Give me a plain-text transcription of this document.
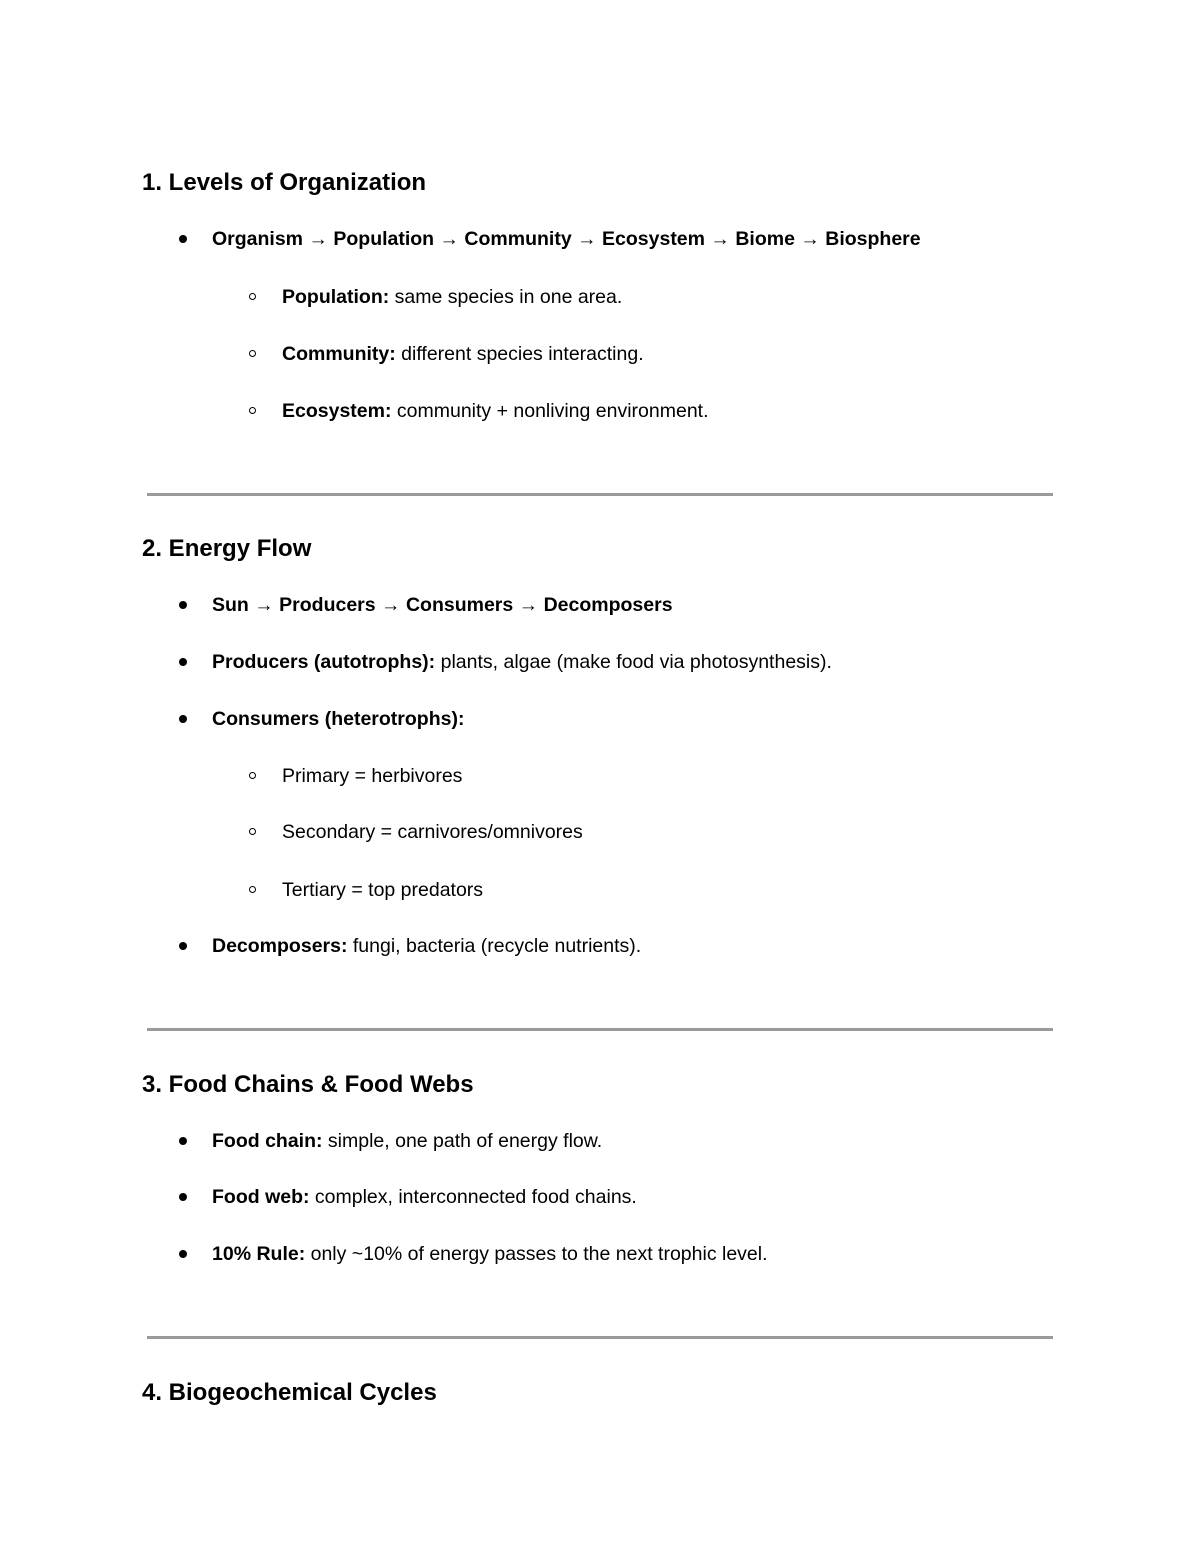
1. Levels of Organization
Organism → Population → Community → Ecosystem → Biome → Biosphere
Population: same species in one area.
Community: different species interacting.
Ecosystem: community + nonliving environment.
2. Energy Flow
Sun → Producers → Consumers → Decomposers
Producers (autotrophs): plants, algae (make food via photosynthesis).
Consumers (heterotrophs):
Primary = herbivores
Secondary = carnivores/omnivores
Tertiary = top predators
Decomposers: fungi, bacteria (recycle nutrients).
3. Food Chains & Food Webs
Food chain: simple, one path of energy flow.
Food web: complex, interconnected food chains.
10% Rule: only ~10% of energy passes to the next trophic level.
4. Biogeochemical Cycles
